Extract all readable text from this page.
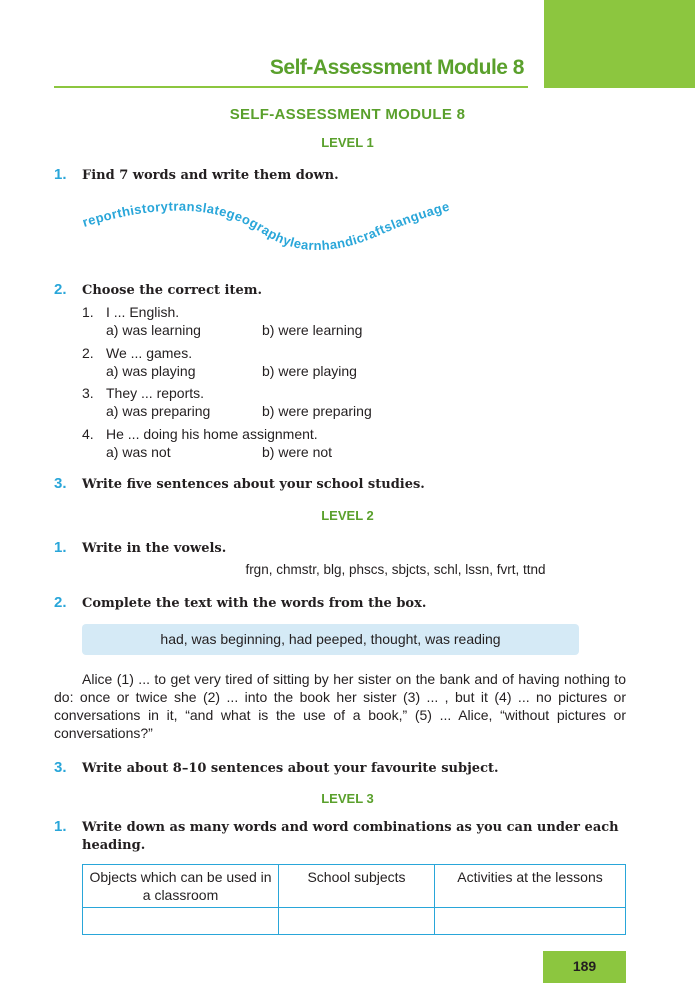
Self-Assessment Module 8
SELF-ASSESSMENT MODULE 8
LEVEL 1
1. Find 7 words and write them down.
reporthistorytranslategeographylearnhandicraftslanguage
2. Choose the correct item.
1. I ... English.
a) was learning	b) were learning
2. We ... games.
a) was playing	b) were playing
3. They ... reports.
a) was preparing	b) were preparing
4. He ... doing his home assignment.
a) was not	b) were not
3. Write five sentences about your school studies.
LEVEL 2
1. Write in the vowels.
frgn, chmstr, blg, phscs, sbjcts, schl, lssn, fvrt, ttnd
2. Complete the text with the words from the box.
had, was beginning, had peeped, thought, was reading
Alice (1) ... to get very tired of sitting by her sister on the bank and of having nothing to do: once or twice she (2) ... into the book her sister (3) ... , but it (4) ... no pictures or conversations in it, “and what is the use of a book,” (5) ... Alice, “without pictures or conversations?”
3. Write about 8–10 sentences about your favourite subject.
LEVEL 3
1. Write down as many words and word combinations as you can under each
heading.
Objects which can be used in a classroom	School subjects	Activities at the lessons

189
